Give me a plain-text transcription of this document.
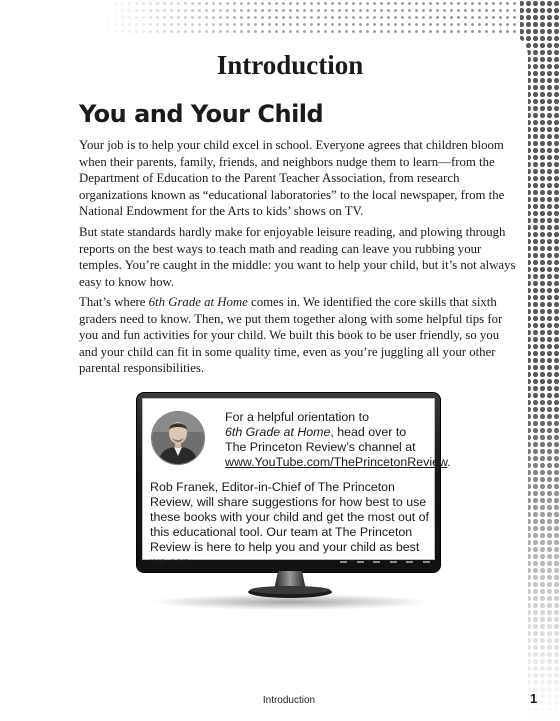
Introduction
You and Your Child

Your job is to help your child excel in school. Everyone agrees that children bloom when their parents, family, friends, and neighbors nudge them to learn—from the Department of Education to the Parent Teacher Association, from research organizations known as “educational laboratories” to the local newspaper, from the National Endowment for the Arts to kids’ shows on TV.

But state standards hardly make for enjoyable leisure reading, and plowing through reports on the best ways to teach math and reading can leave you rubbing your temples. You’re caught in the middle: you want to help your child, but it’s not always easy to know how.

That’s where 6th Grade at Home comes in. We identified the core skills that sixth graders need to know. Then, we put them together along with some helpful tips for you and fun activities for your child. We built this book to be user friendly, so you and your child can fit in some quality time, even as you’re juggling all your other parental responsibilities.

For a helpful orientation to
6th Grade at Home, head over to
The Princeton Review’s channel at
www.YouTube.com/ThePrincetonReview.

Rob Franek, Editor-in-Chief of The Princeton Review, will share suggestions for how best to use these books with your child and get the most out of this educational tool. Our team at The Princeton Review is here to help you and your child as best we can.

Introduction	1
